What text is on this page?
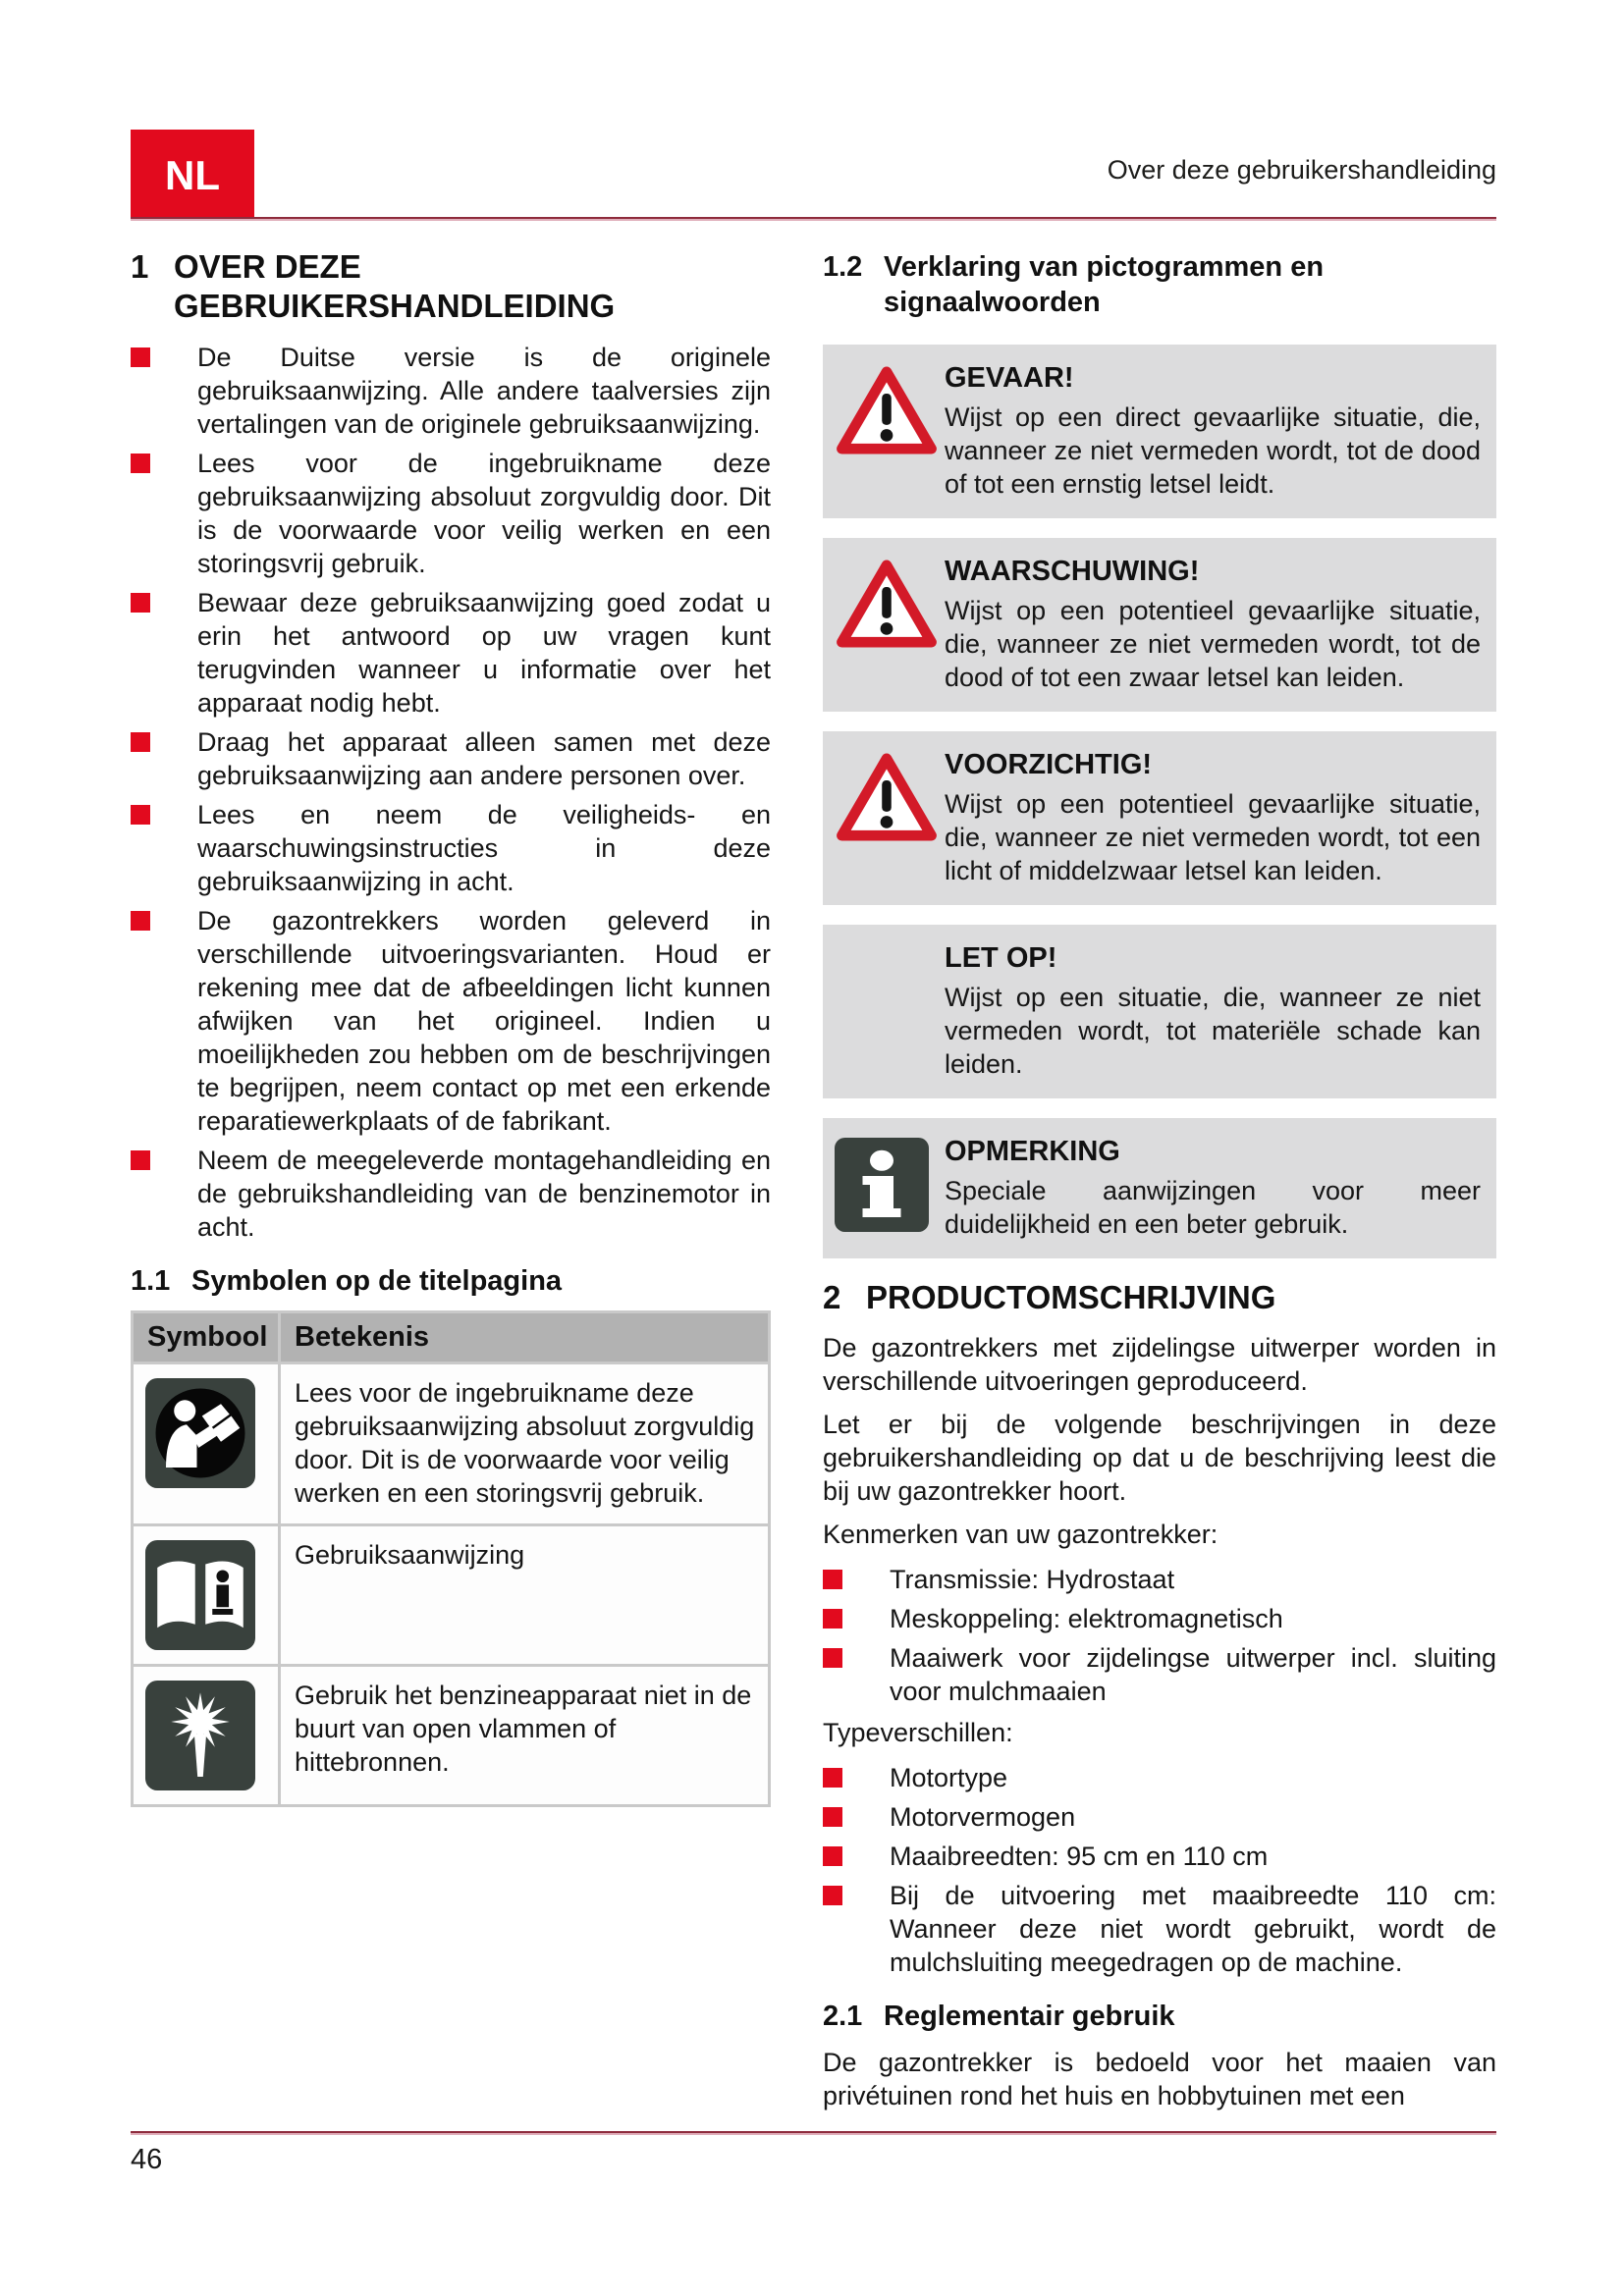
NL	Over deze gebruikershandleiding
1 OVER DEZE GEBRUIKERSHANDLEIDING
De Duitse versie is de originele gebruiksaanwijzing. Alle andere taalversies zijn vertalingen van de originele gebruiksaanwijzing.
Lees voor de ingebruikname deze gebruiksaanwijzing absoluut zorgvuldig door. Dit is de voorwaarde voor veilig werken en een storingsvrij gebruik.
Bewaar deze gebruiksaanwijzing goed zodat u erin het antwoord op uw vragen kunt terugvinden wanneer u informatie over het apparaat nodig hebt.
Draag het apparaat alleen samen met deze gebruiksaanwijzing aan andere personen over.
Lees en neem de veiligheids- en waarschuwingsinstructies in deze gebruiksaanwijzing in acht.
De gazontrekkers worden geleverd in verschillende uitvoeringsvarianten. Houd er rekening mee dat de afbeeldingen licht kunnen afwijken van het origineel. Indien u moeilijkheden zou hebben om de beschrijvingen te begrijpen, neem contact op met een erkende reparatiewerkplaats of de fabrikant.
Neem de meegeleverde montagehandleiding en de gebruikshandleiding van de benzinemotor in acht.
1.1 Symbolen op de titelpagina
Symbool	Betekenis

	Lees voor de ingebruikname deze gebruiksaanwijzing absoluut zorgvuldig door. Dit is de voorwaarde voor veilig werken en een storingsvrij gebruik.

	Gebruiksaanwijzing

	Gebruik het benzineapparaat niet in de buurt van open vlammen of hittebronnen.
1.2 Verklaring van pictogrammen en signaalwoorden
GEVAAR!
Wijst op een direct gevaarlijke situatie, die, wanneer ze niet vermeden wordt, tot de dood of tot een ernstig letsel leidt.
WAARSCHUWING!
Wijst op een potentieel gevaarlijke situatie, die, wanneer ze niet vermeden wordt, tot de dood of tot een zwaar letsel kan leiden.
VOORZICHTIG!
Wijst op een potentieel gevaarlijke situatie, die, wanneer ze niet vermeden wordt, tot een licht of middelzwaar letsel kan leiden.
LET OP!
Wijst op een situatie, die, wanneer ze niet vermeden wordt, tot materiële schade kan leiden.
OPMERKING
Speciale aanwijzingen voor meer duidelijkheid en een beter gebruik.
2 PRODUCTOMSCHRIJVING

De gazontrekkers met zijdelingse uitwerper worden in verschillende uitvoeringen geproduceerd.

Let er bij de volgende beschrijvingen in deze gebruikershandleiding op dat u de beschrijving leest die bij uw gazontrekker hoort.

Kenmerken van uw gazontrekker:

Transmissie: Hydrostaat
Meskoppeling: elektromagnetisch
Maaiwerk voor zijdelingse uitwerper incl. sluiting voor mulchmaaien

Typeverschillen:

Motortype
Motorvermogen
Maaibreedten: 95 cm en 110 cm
Bij de uitvoering met maaibreedte 110 cm: Wanneer deze niet wordt gebruikt, wordt de mulchsluiting meegedragen op de machine.
2.1 Reglementair gebruik

De gazontrekker is bedoeld voor het maaien van privétuinen rond het huis en hobbytuinen met een

46
